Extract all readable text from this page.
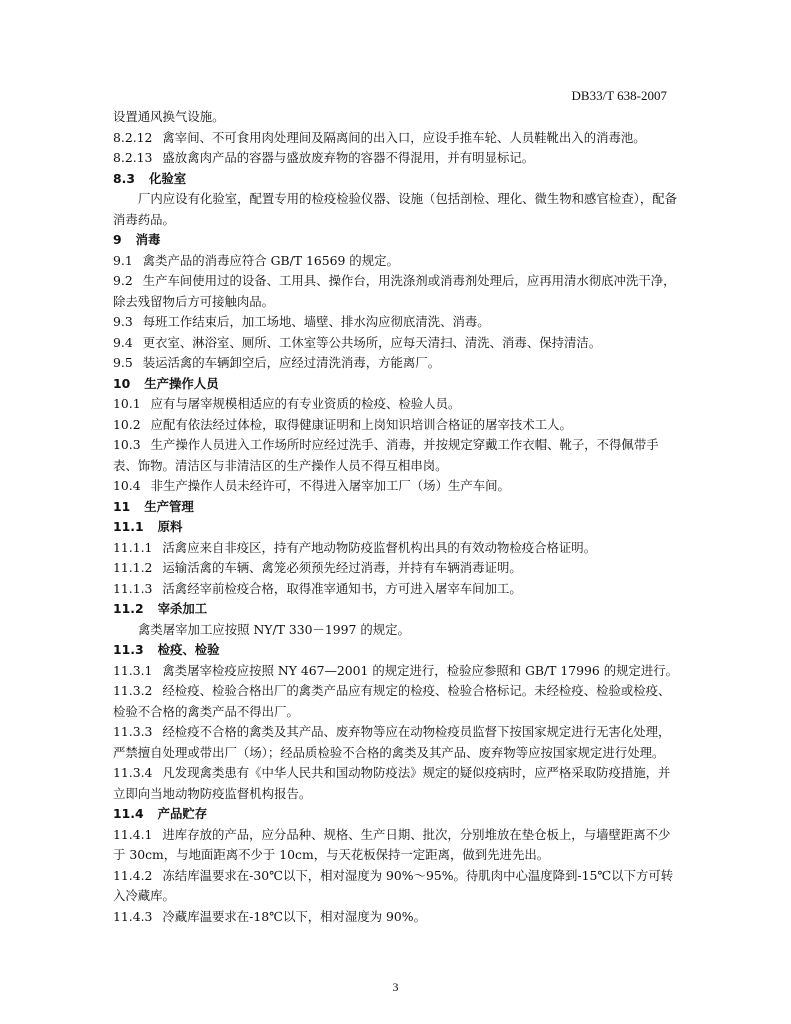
DB33/T 638-2007

设置通风换气设施。

8.2.12 禽宰间、不可食用肉处理间及隔离间的出入口，应设手推车轮、人员鞋靴出入的消毒池。

8.2.13 盛放禽肉产品的容器与盛放废弃物的容器不得混用，并有明显标记。

8.3 化验室

厂内应设有化验室，配置专用的检疫检验仪器、设施（包括剖检、理化、微生物和感官检查），配备消毒药品。

9 消毒

9.1 禽类产品的消毒应符合 GB/T 16569 的规定。

9.2 生产车间使用过的设备、工用具、操作台，用洗涤剂或消毒剂处理后，应再用清水彻底冲洗干净，除去残留物后方可接触肉品。

9.3 每班工作结束后，加工场地、墙壁、排水沟应彻底清洗、消毒。

9.4 更衣室、淋浴室、厕所、工休室等公共场所，应每天清扫、清洗、消毒、保持清洁。

9.5 装运活禽的车辆卸空后，应经过清洗消毒，方能离厂。

10 生产操作人员

10.1 应有与屠宰规模相适应的有专业资质的检疫、检验人员。

10.2 应配有依法经过体检，取得健康证明和上岗知识培训合格证的屠宰技术工人。

10.3 生产操作人员进入工作场所时应经过洗手、消毒，并按规定穿戴工作衣帽、靴子，不得佩带手表、饰物。清洁区与非清洁区的生产操作人员不得互相串岗。

10.4 非生产操作人员未经许可，不得进入屠宰加工厂（场）生产车间。

11 生产管理

11.1 原料

11.1.1 活禽应来自非疫区，持有产地动物防疫监督机构出具的有效动物检疫合格证明。

11.1.2 运输活禽的车辆、禽笼必须预先经过消毒，并持有车辆消毒证明。

11.1.3 活禽经宰前检疫合格，取得准宰通知书，方可进入屠宰车间加工。

11.2 宰杀加工

禽类屠宰加工应按照 NY/T 330－1997 的规定。

11.3 检疫、检验

11.3.1 禽类屠宰检疫应按照 NY 467—2001 的规定进行，检验应参照和 GB/T 17996 的规定进行。

11.3.2 经检疫、检验合格出厂的禽类产品应有规定的检疫、检验合格标记。未经检疫、检验或检疫、检验不合格的禽类产品不得出厂。

11.3.3 经检疫不合格的禽类及其产品、废弃物等应在动物检疫员监督下按国家规定进行无害化处理，严禁擅自处理或带出厂（场）；经品质检验不合格的禽类及其产品、废弃物等应按国家规定进行处理。

11.3.4 凡发现禽类患有《中华人民共和国动物防疫法》规定的疑似疫病时，应严格采取防疫措施，并立即向当地动物防疫监督机构报告。

11.4 产品贮存

11.4.1 进库存放的产品，应分品种、规格、生产日期、批次，分别堆放在垫仓板上，与墙壁距离不少于 30cm，与地面距离不少于 10cm，与天花板保持一定距离，做到先进先出。

11.4.2 冻结库温要求在-30℃以下，相对湿度为 90%～95%。待肌肉中心温度降到-15℃以下方可转入冷藏库。

11.4.3 冷藏库温要求在-18℃以下，相对湿度为 90%。

3
